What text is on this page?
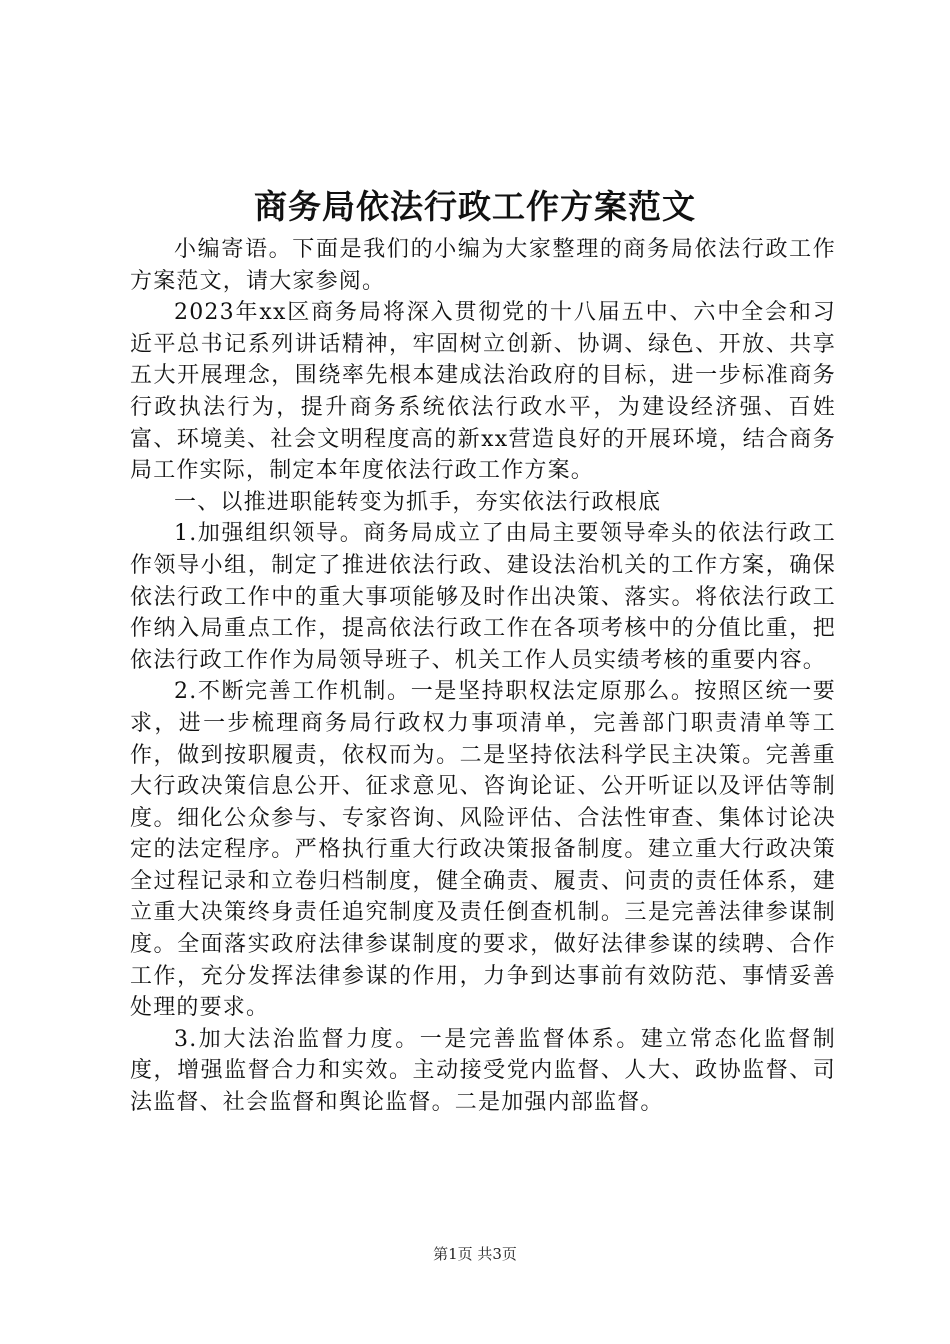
商务局依法行政工作方案范文

小编寄语。下面是我们的小编为大家整理的商务局依法行政工作方案范文，请大家参阅。

2023年xx区商务局将深入贯彻党的十八届五中、六中全会和习近平总书记系列讲话精神，牢固树立创新、协调、绿色、开放、共享五大开展理念，围绕率先根本建成法治政府的目标，进一步标准商务行政执法行为，提升商务系统依法行政水平，为建设经济强、百姓富、环境美、社会文明程度高的新xx营造良好的开展环境，结合商务局工作实际，制定本年度依法行政工作方案。

一、以推进职能转变为抓手，夯实依法行政根底

1.加强组织领导。商务局成立了由局主要领导牵头的依法行政工作领导小组，制定了推进依法行政、建设法治机关的工作方案，确保依法行政工作中的重大事项能够及时作出决策、落实。将依法行政工作纳入局重点工作，提高依法行政工作在各项考核中的分值比重，把依法行政工作作为局领导班子、机关工作人员实绩考核的重要内容。

2.不断完善工作机制。一是坚持职权法定原那么。按照区统一要求，进一步梳理商务局行政权力事项清单，完善部门职责清单等工作，做到按职履责，依权而为。二是坚持依法科学民主决策。完善重大行政决策信息公开、征求意见、咨询论证、公开听证以及评估等制度。细化公众参与、专家咨询、风险评估、合法性审查、集体讨论决定的法定程序。严格执行重大行政决策报备制度。建立重大行政决策全过程记录和立卷归档制度，健全确责、履责、问责的责任体系，建立重大决策终身责任追究制度及责任倒查机制。三是完善法律参谋制度。全面落实政府法律参谋制度的要求，做好法律参谋的续聘、合作工作，充分发挥法律参谋的作用，力争到达事前有效防范、事情妥善处理的要求。

3.加大法治监督力度。一是完善监督体系。建立常态化监督制度，增强监督合力和实效。主动接受党内监督、人大、政协监督、司法监督、社会监督和舆论监督。二是加强内部监督。

第1页 共3页
